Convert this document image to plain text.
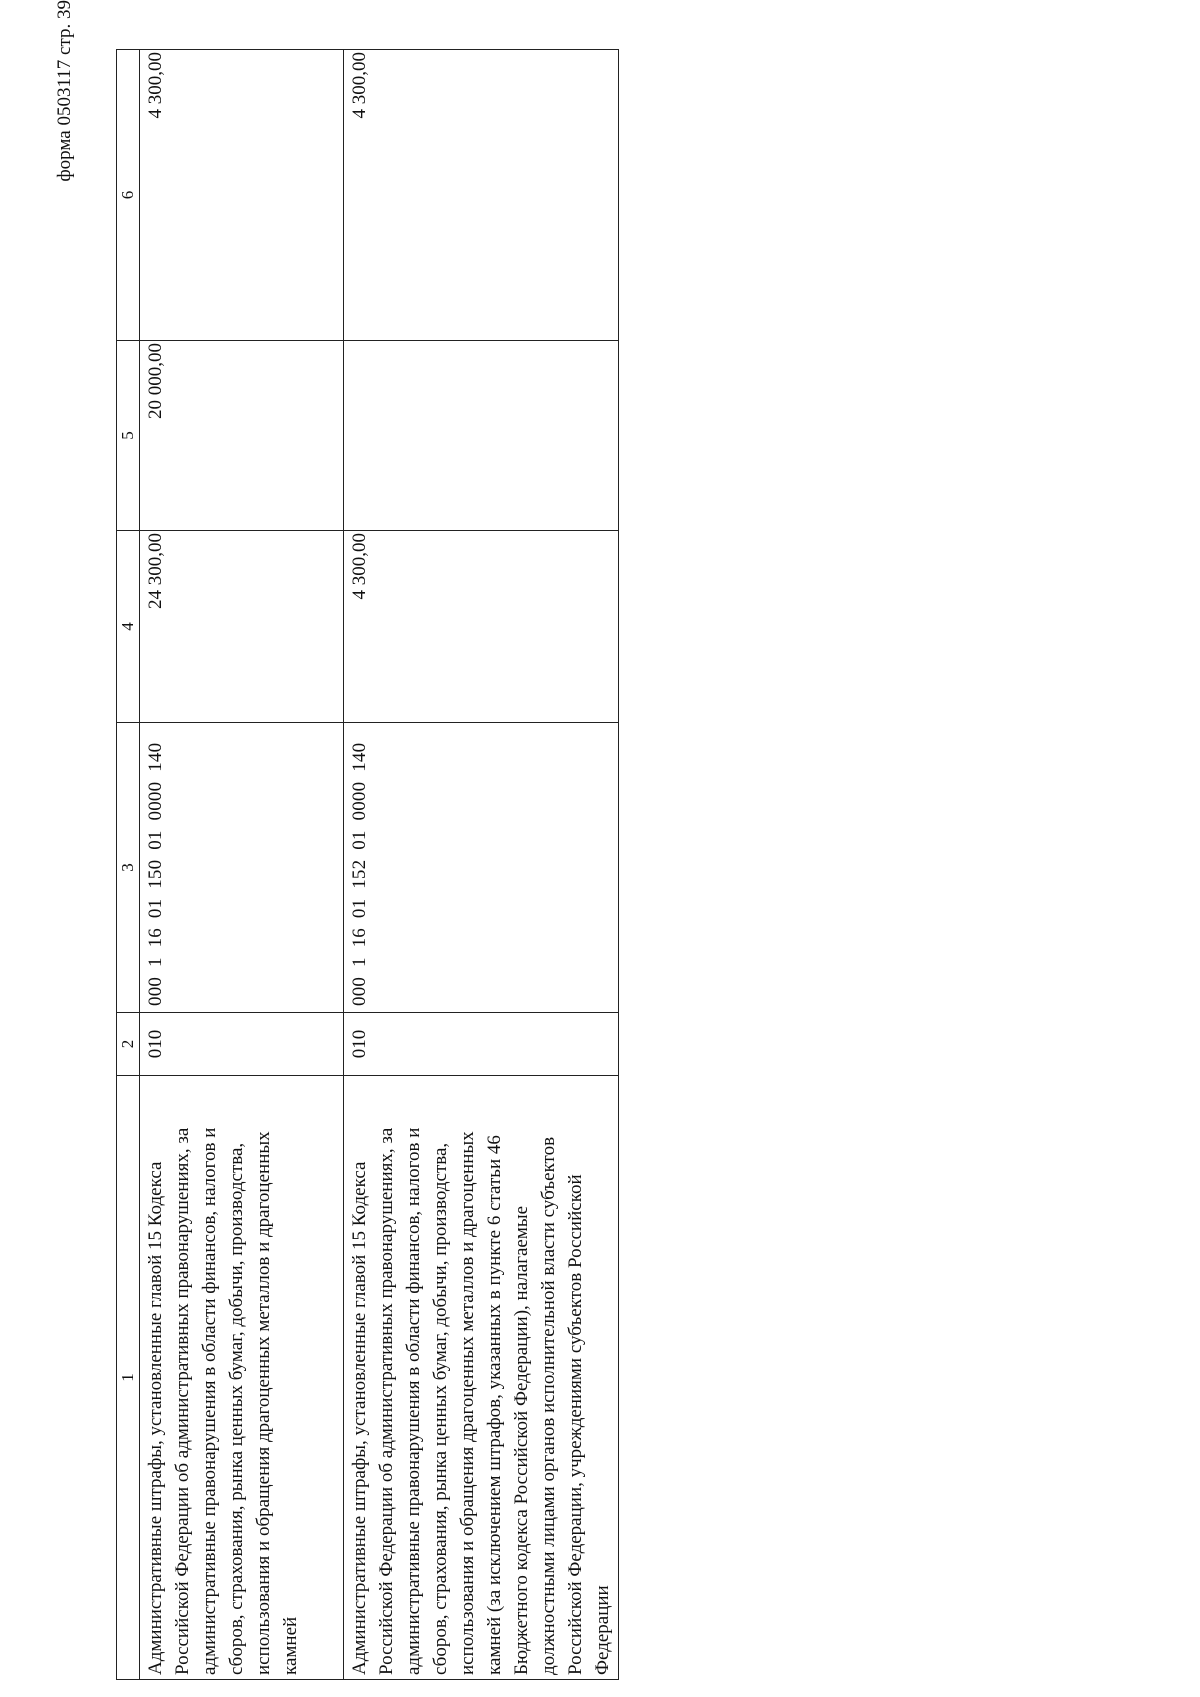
форма 0503117 стр. 39
1	2	3	4	5	6
Административные штрафы, установленные главой 15 Кодекса Российской Федерации об административных правонарушениях, за административные правонарушения в области финансов, налогов и сборов, страхования, рынка ценных бумаг, добычи, производства, использования и обращения драгоценных металлов и драгоценных камней	010	000  1  16  01  150  01  0000  140	24 300,00	20 000,00	4 300,00
Административные штрафы, установленные главой 15 Кодекса Российской Федерации об административных правонарушениях, за административные правонарушения в области финансов, налогов и сборов, страхования, рынка ценных бумаг, добычи, производства, использования и обращения драгоценных металлов и драгоценных камней (за исключением штрафов, указанных в пункте 6 статьи 46 Бюджетного кодекса Российской Федерации), налагаемые должностными лицами органов исполнительной власти субъектов Российской Федерации, учреждениями субъектов Российской Федерации	010	000  1  16  01  152  01  0000  140	4 300,00		4 300,00
